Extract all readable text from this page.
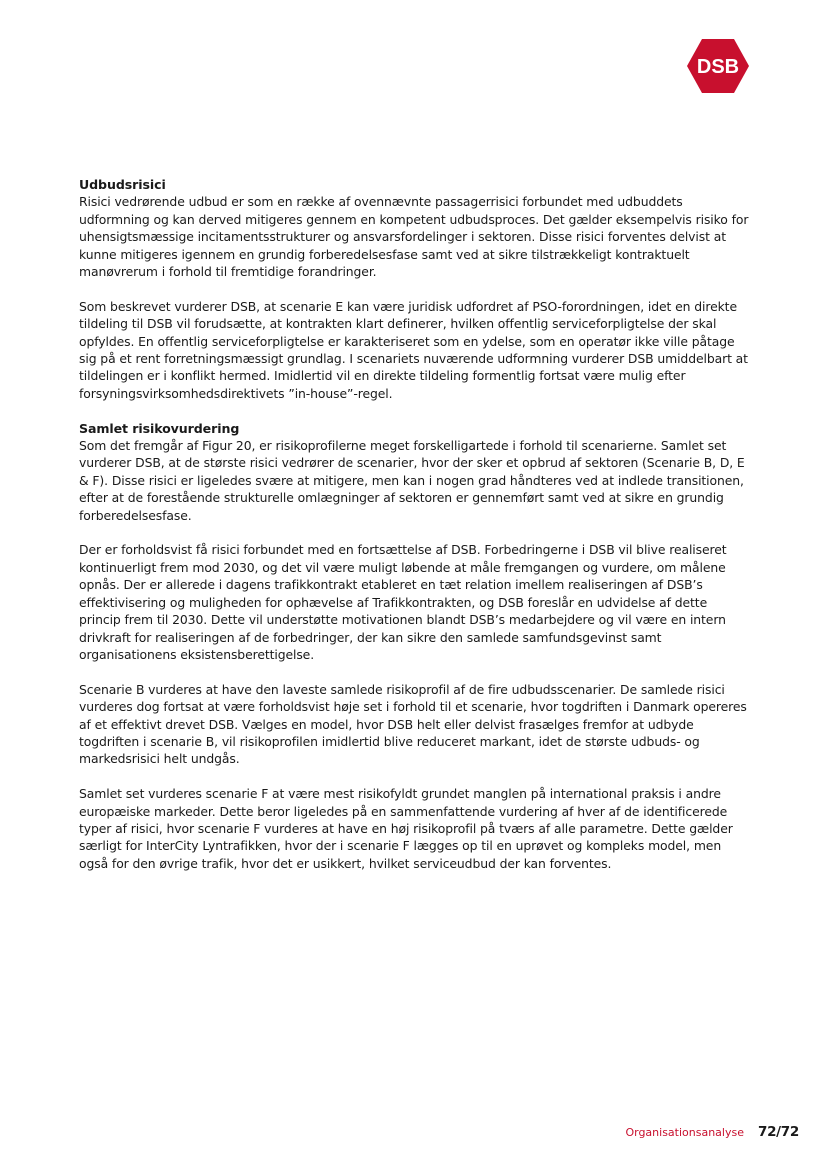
DSB
Udbudsrisici

Risici vedrørende udbud er som en række af ovennævnte passagerrisici forbundet med udbuddets udformning og kan derved mitigeres gennem en kompetent udbudsproces. Det gælder eksempelvis risiko for uhensigtsmæssige incitamentsstrukturer og ansvarsfordelinger i sektoren. Disse risici forventes delvist at kunne mitigeres igennem en grundig forberedelsesfase samt ved at sikre tilstrækkeligt kontraktuelt manøvrerum i forhold til fremtidige forandringer.

Som beskrevet vurderer DSB, at scenarie E kan være juridisk udfordret af PSO-forordningen, idet en direkte tildeling til DSB vil forudsætte, at kontrakten klart definerer, hvilken offentlig serviceforpligtelse der skal opfyldes. En offentlig serviceforpligtelse er karakteriseret som en ydelse, som en operatør ikke ville påtage sig på et rent forretningsmæssigt grundlag. I scenariets nuværende udformning vurderer DSB umiddelbart at tildelingen er i konflikt hermed. Imidlertid vil en direkte tildeling formentlig fortsat være mulig efter forsyningsvirksomhedsdirektivets ”in-house”-regel.

Samlet risikovurdering

Som det fremgår af Figur 20, er risikoprofilerne meget forskelligartede i forhold til scenarierne. Samlet set vurderer DSB, at de største risici vedrører de scenarier, hvor der sker et opbrud af sektoren (Scenarie B, D, E & F). Disse risici er ligeledes svære at mitigere, men kan i nogen grad håndteres ved at indlede transitionen, efter at de forestående strukturelle omlægninger af sektoren er gennemført samt ved at sikre en grundig forberedelsesfase.

Der er forholdsvist få risici forbundet med en fortsættelse af DSB. Forbedringerne i DSB vil blive realiseret kontinuerligt frem mod 2030, og det vil være muligt løbende at måle fremgangen og vurdere, om målene opnås. Der er allerede i dagens trafikkontrakt etableret en tæt relation imellem realiseringen af DSB’s effektivisering og muligheden for ophævelse af Trafikkontrakten, og DSB foreslår en udvidelse af dette princip frem til 2030. Dette vil understøtte motivationen blandt DSB’s medarbejdere og vil være en intern drivkraft for realiseringen af de forbedringer, der kan sikre den samlede samfundsgevinst samt organisationens eksistensberettigelse.

Scenarie B vurderes at have den laveste samlede risikoprofil af de fire udbudsscenarier. De samlede risici vurderes dog fortsat at være forholdsvist høje set i forhold til et scenarie, hvor togdriften i Danmark opereres af et effektivt drevet DSB. Vælges en model, hvor DSB helt eller delvist frasælges fremfor at udbyde togdriften i scenarie B, vil risikoprofilen imidlertid blive reduceret markant, idet de største udbuds- og markedsrisici helt undgås.

Samlet set vurderes scenarie F at være mest risikofyldt grundet manglen på international praksis i andre europæiske markeder. Dette beror ligeledes på en sammenfattende vurdering af hver af de identificerede typer af risici, hvor scenarie F vurderes at have en høj risikoprofil på tværs af alle parametre. Dette gælder særligt for InterCity Lyntrafikken, hvor der i scenarie F lægges op til en uprøvet og kompleks model, men også for den øvrige trafik, hvor det er usikkert, hvilket serviceudbud der kan forventes.

Organisationsanalyse 72/72
